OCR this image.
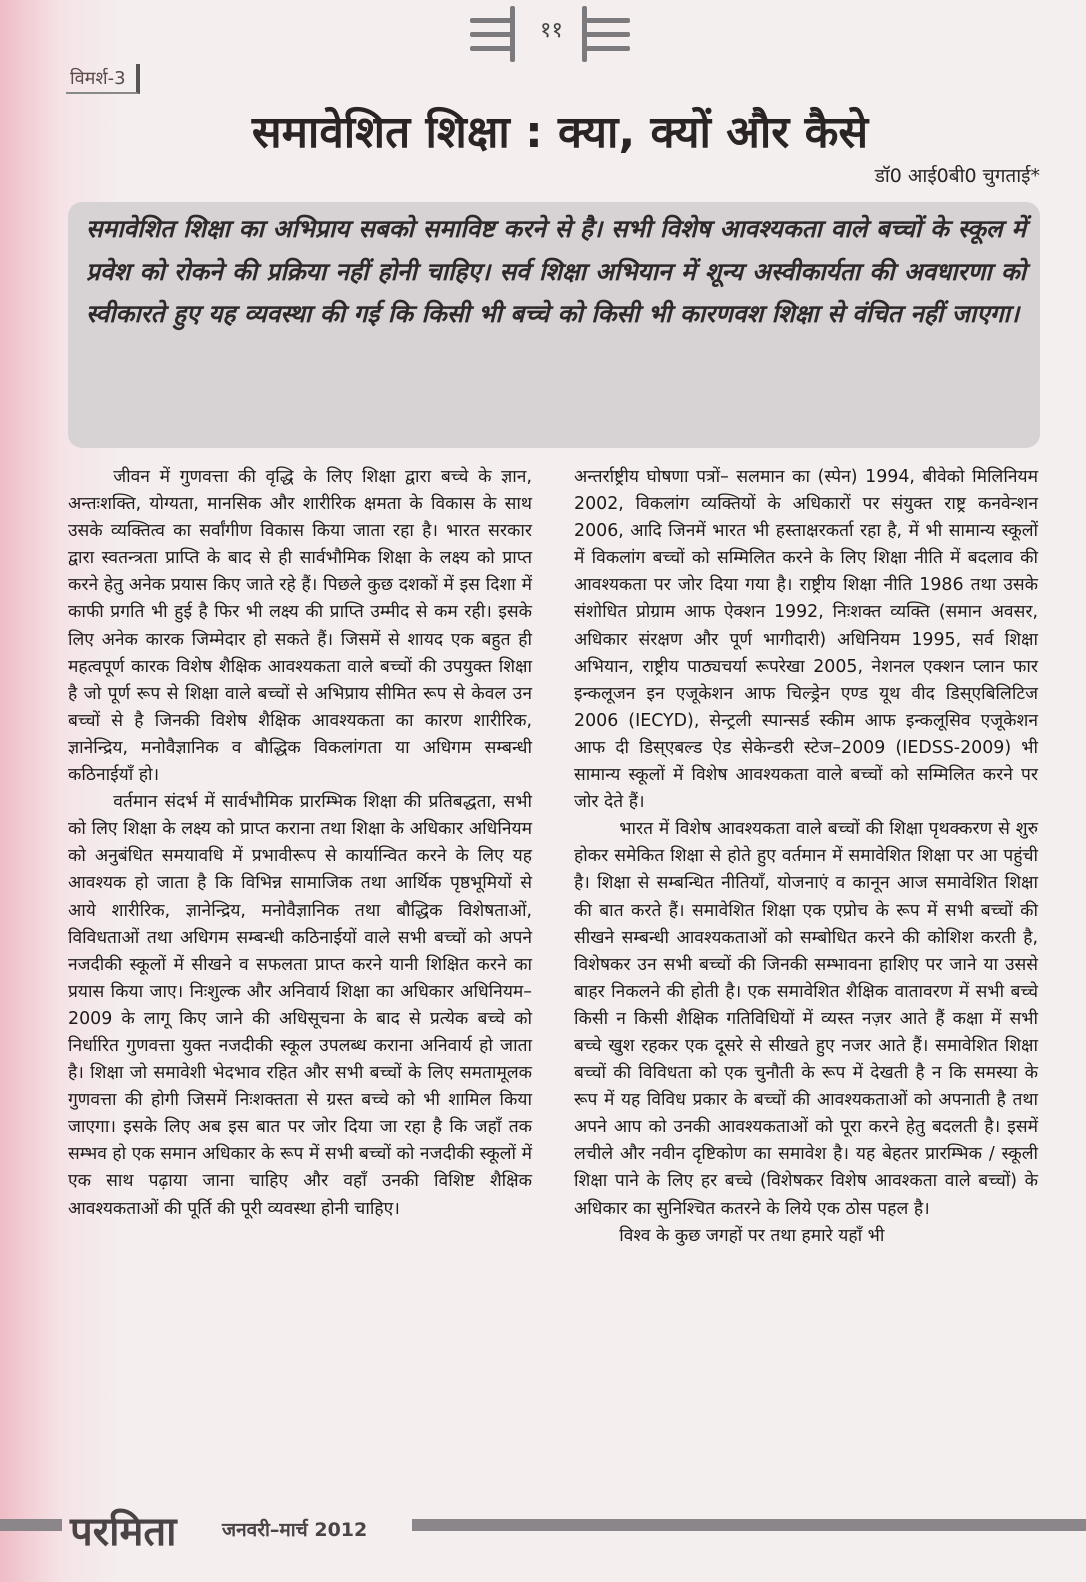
११
विमर्श-3
समावेशित शिक्षा : क्या, क्यों और कैसे
डॉ0 आई0बी0 चुगताई*
समावेशित शिक्षा का अभिप्राय सबको समाविष्ट करने से है। सभी विशेष आवश्यकता वाले बच्चों के स्कूल में प्रवेश को रोकने की प्रक्रिया नहीं होनी चाहिए। सर्व शिक्षा अभियान में शून्य अस्वीकार्यता की अवधारणा को स्वीकारते हुए यह व्यवस्था की गई कि किसी भी बच्चे को किसी भी कारणवश शिक्षा से वंचित नहीं जाएगा।

जीवन में गुणवत्ता की वृद्धि के लिए शिक्षा द्वारा बच्चे के ज्ञान, अन्तःशक्ति, योग्यता, मानसिक और शारीरिक क्षमता के विकास के साथ उसके व्यक्तित्व का सर्वांगीण विकास किया जाता रहा है। भारत सरकार द्वारा स्वतन्त्रता प्राप्ति के बाद से ही सार्वभौमिक शिक्षा के लक्ष्य को प्राप्त करने हेतु अनेक प्रयास किए जाते रहे हैं। पिछले कुछ दशकों में इस दिशा में काफी प्रगति भी हुई है फिर भी लक्ष्य की प्राप्ति उम्मीद से कम रही। इसके लिए अनेक कारक जिम्मेदार हो सकते हैं। जिसमें से शायद एक बहुत ही महत्वपूर्ण कारक विशेष शैक्षिक आवश्यकता वाले बच्चों की उपयुक्त शिक्षा है जो पूर्ण रूप से शिक्षा वाले बच्चों से अभिप्राय सीमित रूप से केवल उन बच्चों से है जिनकी विशेष शैक्षिक आवश्यकता का कारण शारीरिक, ज्ञानेन्द्रिय, मनोवैज्ञानिक व बौद्धिक विकलांगता या अधिगम सम्बन्धी कठिनाईयाँ हो।

वर्तमान संदर्भ में सार्वभौमिक प्रारम्भिक शिक्षा की प्रतिबद्धता, सभी को लिए शिक्षा के लक्ष्य को प्राप्त कराना तथा शिक्षा के अधिकार अधिनियम को अनुबंधित समयावधि में प्रभावीरूप से कार्यान्वित करने के लिए यह आवश्यक हो जाता है कि विभिन्न सामाजिक तथा आर्थिक पृष्ठभूमियों से आये शारीरिक, ज्ञानेन्द्रिय, मनोवैज्ञानिक तथा बौद्धिक विशेषताओं, विविधताओं तथा अधिगम सम्बन्धी कठिनाईयों वाले सभी बच्चों को अपने नजदीकी स्कूलों में सीखने व सफलता प्राप्त करने यानी शिक्षित करने का प्रयास किया जाए। निःशुल्क और अनिवार्य शिक्षा का अधिकार अधिनियम–2009 के लागू किए जाने की अधिसूचना के बाद से प्रत्येक बच्चे को निर्धारित गुणवत्ता युक्त नजदीकी स्कूल उपलब्ध कराना अनिवार्य हो जाता है। शिक्षा जो समावेशी भेदभाव रहित और सभी बच्चों के लिए समतामूलक गुणवत्ता की होगी जिसमें निःशक्तता से ग्रस्त बच्चे को भी शामिल किया जाएगा। इसके लिए अब इस बात पर जोर दिया जा रहा है कि जहाँ तक सम्भव हो एक समान अधिकार के रूप में सभी बच्चों को नजदीकी स्कूलों में एक साथ पढ़ाया जाना चाहिए और वहाँ उनकी विशिष्ट शैक्षिक आवश्यकताओं की पूर्ति की पूरी व्यवस्था होनी चाहिए।

अन्तर्राष्ट्रीय घोषणा पत्रों– सलमान का (स्पेन) 1994, बीवेको मिलिनियम 2002, विकलांग व्यक्तियों के अधिकारों पर संयुक्त राष्ट्र कनवेन्शन 2006, आदि जिनमें भारत भी हस्ताक्षरकर्ता रहा है, में भी सामान्य स्कूलों में विकलांग बच्चों को सम्मिलित करने के लिए शिक्षा नीति में बदलाव की आवश्यकता पर जोर दिया गया है। राष्ट्रीय शिक्षा नीति 1986 तथा उसके संशोधित प्रोग्राम आफ ऐक्शन 1992, निःशक्त व्यक्ति (समान अवसर, अधिकार संरक्षण और पूर्ण भागीदारी) अधिनियम 1995, सर्व शिक्षा अभियान, राष्ट्रीय पाठ्यचर्या रूपरेखा 2005, नेशनल एक्शन प्लान फार इन्कलूजन इन एजूकेशन आफ चिल्ड्रेन एण्ड यूथ वीद डिस्एबिलिटिज 2006 (IECYD), सेन्ट्रली स्पान्सर्ड स्कीम आफ इन्कलूसिव एजूकेशन आफ दी डिस्एबल्ड ऐड सेकेन्डरी स्टेज–2009 (IEDSS-2009) भी सामान्य स्कूलों में विशेष आवश्यकता वाले बच्चों को सम्मिलित करने पर जोर देते हैं।

भारत में विशेष आवश्यकता वाले बच्चों की शिक्षा पृथक्करण से शुरु होकर समेकित शिक्षा से होते हुए वर्तमान में समावेशित शिक्षा पर आ पहुंची है। शिक्षा से सम्बन्धित नीतियाँ, योजनाएं व कानून आज समावेशित शिक्षा की बात करते हैं। समावेशित शिक्षा एक एप्रोच के रूप में सभी बच्चों की सीखने सम्बन्धी आवश्यकताओं को सम्बोधित करने की कोशिश करती है, विशेषकर उन सभी बच्चों की जिनकी सम्भावना हाशिए पर जाने या उससे बाहर निकलने की होती है। एक समावेशित शैक्षिक वातावरण में सभी बच्चे किसी न किसी शैक्षिक गतिविधियों में व्यस्त नज़र आते हैं कक्षा में सभी बच्चे खुश रहकर एक दूसरे से सीखते हुए नजर आते हैं। समावेशित शिक्षा बच्चों की विविधता को एक चुनौती के रूप में देखती है न कि समस्या के रूप में यह विविध प्रकार के बच्चों की आवश्यकताओं को अपनाती है तथा अपने आप को उनकी आवश्यकताओं को पूरा करने हेतु बदलती है। इसमें लचीले और नवीन दृष्टिकोण का समावेश है। यह बेहतर प्रारम्भिक / स्कूली शिक्षा पाने के लिए हर बच्चे (विशेषकर विशेष आवश्कता वाले बच्चों) के अधिकार का सुनिश्चित कतरने के लिये एक ठोस पहल है।

विश्व के कुछ जगहों पर तथा हमारे यहाँ भी

परमिता जनवरी–मार्च 2012
